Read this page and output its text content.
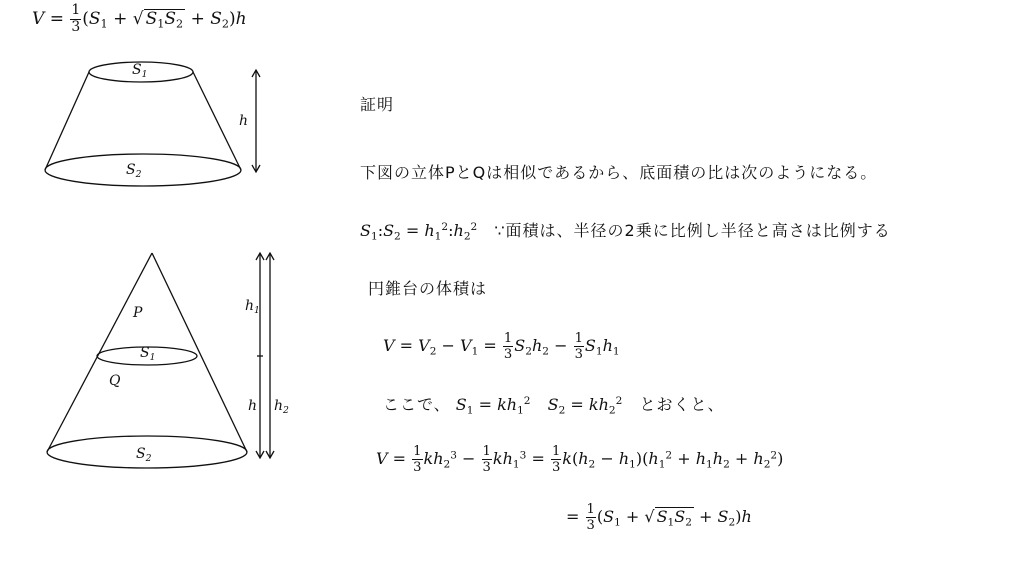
$V = \frac{1}{3} (S_1$ + √ $S_1S_2 + S_2)h$
$S_1$
$S_2$
h
P
$S_1$
Q
$S_2$
$h_1$
h $h_2$
証明
下図の立体PとQは相似であるから、底面積の比は次のようになる。
$S_1:S_2$ = $h_1^2:h_2^2$ ∵面積は、半径の2乗に比例し半径と高さは比例する
円錐台の体積は
$V = V_2 - V_1 = \frac{1}{3} S_2h_2 - \frac{1}{3} S_1h_1$
ここで、 $S_1 = kh_1^2$ $S_2 = kh_2^2$ とおくと、
$V = \frac{1}{3} kh_2^3 - \frac{1}{3} kh_1^3 = \frac{1}{3} k(h_2 - h_1)(h_1^2 + h_1h_2 + h_2^2)$
= $\frac{1}{3} (S_1$ + √ $S_1S_2 + S_2)h$
